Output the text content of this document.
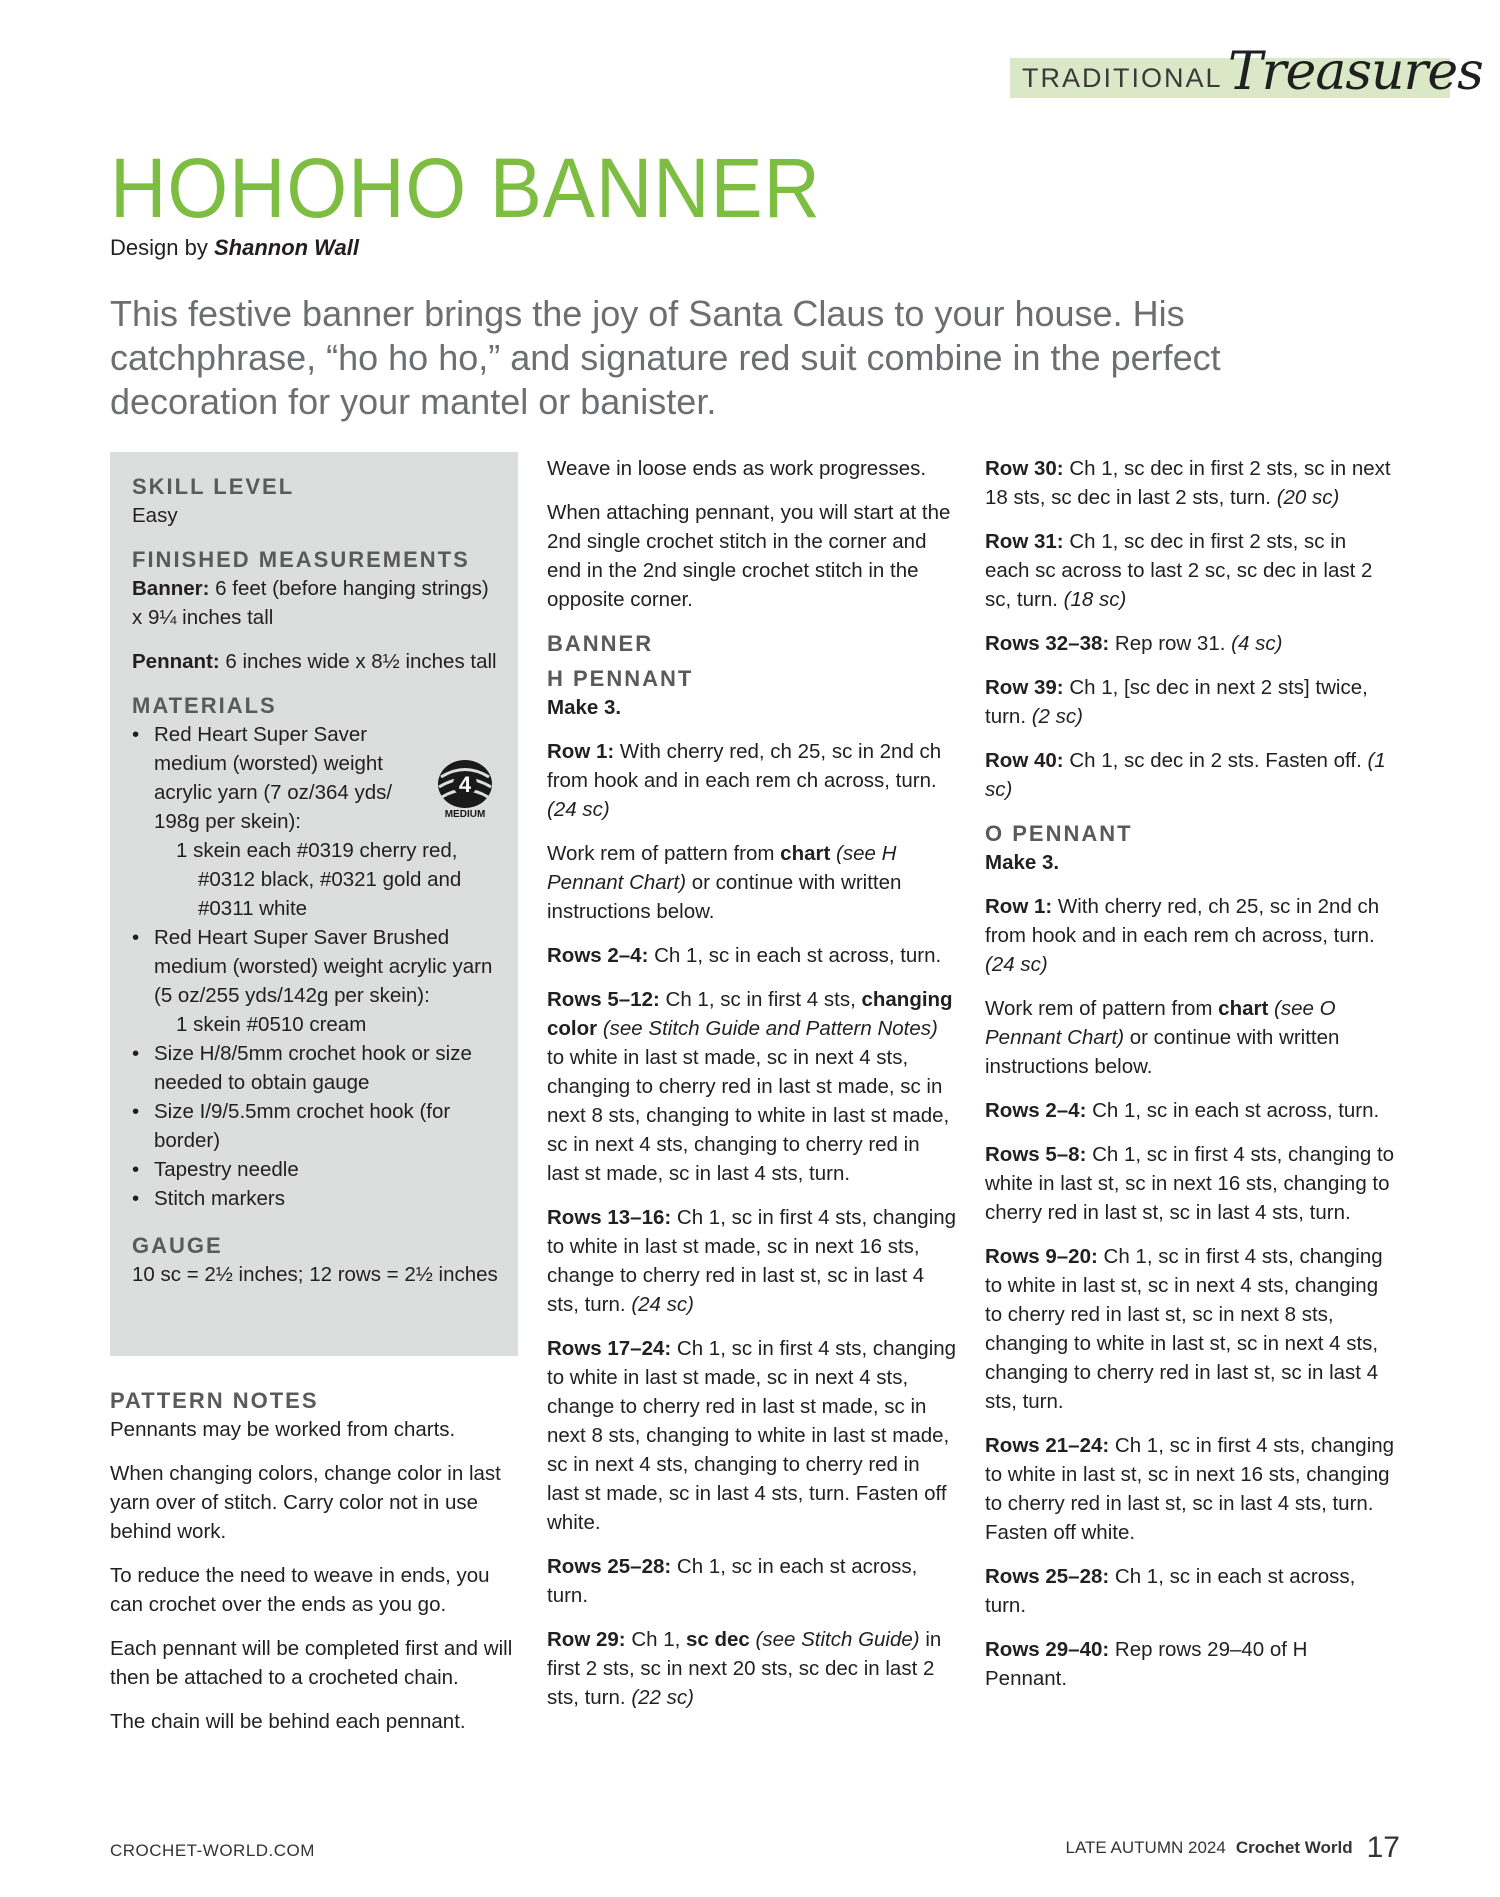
TRADITIONAL Treasures
HOHOHO BANNER
Design by Shannon Wall

This festive banner brings the joy of Santa Claus to your house. His catchphrase, “ho ho ho,” and signature red suit combine in the perfect decoration for your mantel or banister.

SKILL LEVEL

Easy

FINISHED MEASUREMENTS

Banner: 6 feet (before hanging strings) x 9¼ inches tall

Pennant: 6 inches wide x 8½ inches tall

MATERIALS

• Red Heart Super Saver medium (worsted) weight acrylic yarn (7 oz/364 yds/ 198g per skein):
1 skein each #0319 cherry red,
#0312 black, #0321 gold and #0311 white
• Red Heart Super Saver Brushed medium (worsted) weight acrylic yarn (5 oz/255 yds/142g per skein):
1 skein #0510 cream
• Size H/8/5mm crochet hook or size needed to obtain gauge
• Size I/9/5.5mm crochet hook (for border)
• Tapestry needle
• Stitch markers

GAUGE

10 sc = 2½ inches; 12 rows = 2½ inches

4
MEDIUM

PATTERN NOTES

Pennants may be worked from charts.

When changing colors, change color in last yarn over of stitch. Carry color not in use behind work.

To reduce the need to weave in ends, you can crochet over the ends as you go.

Each pennant will be completed first and will then be attached to a crocheted chain.

The chain will be behind each pennant.

Weave in loose ends as work progresses.

When attaching pennant, you will start at the 2nd single crochet stitch in the corner and end in the 2nd single crochet stitch in the opposite corner.

BANNER

H PENNANT

Make 3.

Row 1: With cherry red, ch 25, sc in 2nd ch from hook and in each rem ch across, turn. (24 sc)

Work rem of pattern from chart (see H Pennant Chart) or continue with written instructions below.

Rows 2–4: Ch 1, sc in each st across, turn.

Rows 5–12: Ch 1, sc in first 4 sts, changing color (see Stitch Guide and Pattern Notes) to white in last st made, sc in next 4 sts, changing to cherry red in last st made, sc in next 8 sts, changing to white in last st made, sc in next 4 sts, changing to cherry red in last st made, sc in last 4 sts, turn.

Rows 13–16: Ch 1, sc in first 4 sts, changing to white in last st made, sc in next 16 sts, change to cherry red in last st, sc in last 4 sts, turn. (24 sc)

Rows 17–24: Ch 1, sc in first 4 sts, changing to white in last st made, sc in next 4 sts, change to cherry red in last st made, sc in next 8 sts, changing to white in last st made, sc in next 4 sts, changing to cherry red in last st made, sc in last 4 sts, turn. Fasten off white.

Rows 25–28: Ch 1, sc in each st across, turn.

Row 29: Ch 1, sc dec (see Stitch Guide) in first 2 sts, sc in next 20 sts, sc dec in last 2 sts, turn. (22 sc)

Row 30: Ch 1, sc dec in first 2 sts, sc in next 18 sts, sc dec in last 2 sts, turn. (20 sc)

Row 31: Ch 1, sc dec in first 2 sts, sc in each sc across to last 2 sc, sc dec in last 2 sc, turn. (18 sc)

Rows 32–38: Rep row 31. (4 sc)

Row 39: Ch 1, [sc dec in next 2 sts] twice, turn. (2 sc)

Row 40: Ch 1, sc dec in 2 sts. Fasten off. (1 sc)

O PENNANT

Make 3.

Row 1: With cherry red, ch 25, sc in 2nd ch from hook and in each rem ch across, turn. (24 sc)

Work rem of pattern from chart (see O Pennant Chart) or continue with written instructions below.

Rows 2–4: Ch 1, sc in each st across, turn.

Rows 5–8: Ch 1, sc in first 4 sts, changing to white in last st, sc in next 16 sts, changing to cherry red in last st, sc in last 4 sts, turn.

Rows 9–20: Ch 1, sc in first 4 sts, changing to white in last st, sc in next 4 sts, changing to cherry red in last st, sc in next 8 sts, changing to white in last st, sc in next 4 sts, changing to cherry red in last st, sc in last 4 sts, turn.

Rows 21–24: Ch 1, sc in first 4 sts, changing to white in last st, sc in next 16 sts, changing to cherry red in last st, sc in last 4 sts, turn. Fasten off white.

Rows 25–28: Ch 1, sc in each st across, turn.

Rows 29–40: Rep rows 29–40 of H Pennant.

CROCHET-WORLD.COM	LATE AUTUMN 2024 Crochet World 17
